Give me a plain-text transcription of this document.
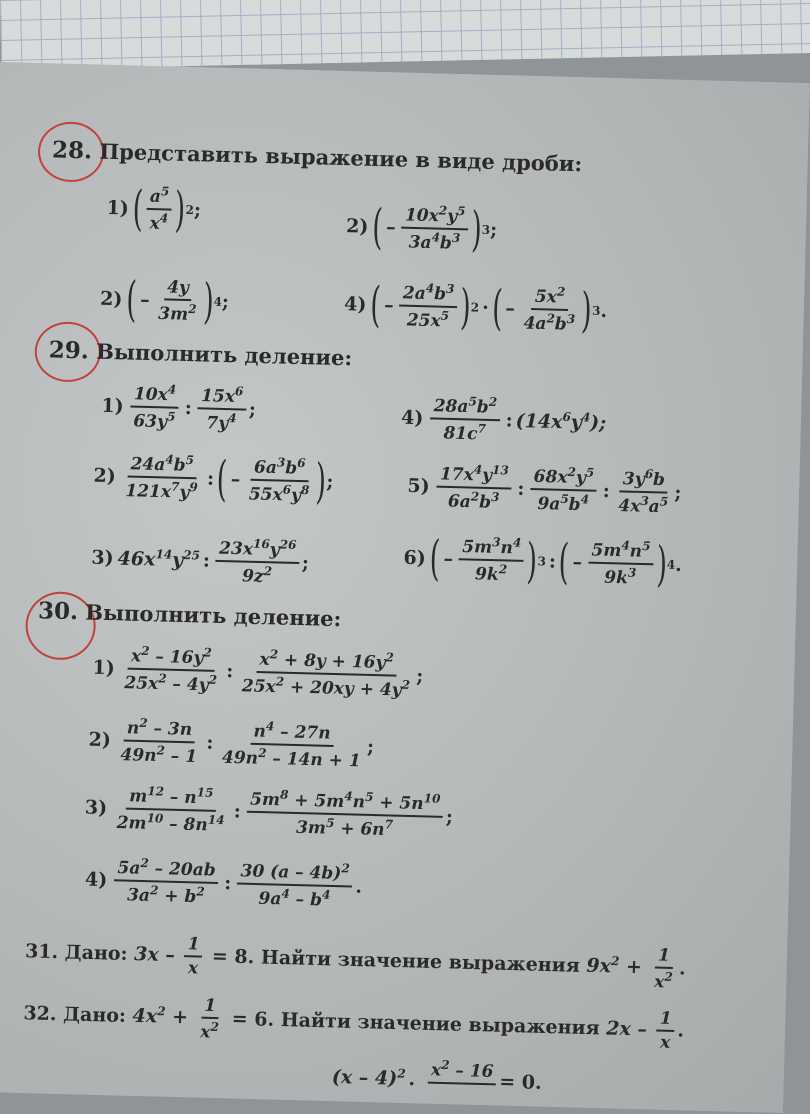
28. Представить выражение в виде дроби:
1) ( $\frac{a^5}{x^4}$ ) 2 ;
2) ( – $\frac{10x^2y^5}{3a^4b^3}$ ) 3 ;
2) ( – $\frac{4y}{3m^2}$ ) 4 ;	4) ( – $\frac{2a^4b^3}{25x^5}$ ) 2 · ( – $\frac{5x^2}{4a^2b^3}$ ) 3 .
29. Выполнить деление:
$1) \frac{10x^4}{63y^5}$ : $\frac{15x^6}{7y^4}$ ;	$4) \frac{28a^5b^2}{81c^7}$ : $(14x^6y^4)$;
$2) \frac{24a^4b^5}{121x^7y^9}$ : ( – $\frac{6a^3b^6}{55x^6y^8}$ ) ;	$5) \frac{17x^4y^{13}}{6a^2b^3}$ : $\frac{68x^2y^5}{9a^5b^4}$ : $\frac{3y^6b}{4x^3a^5}$ ;
3) $46x^{14}y^{25}$ : $\frac{23x^{16}y^{26}}{9z^2}$ ;	6) ( – $\frac{5m^3n^4}{9k^2}$ ) 3 : ( – $\frac{5m^4n^5}{9k^3}$ ) 4 .
30. Выполнить деление:
$1) \frac{x^2 - 16y^2}{25x^2 - 4y^2}$ : $\frac{x^2 + 8y + 16y^2}{25x^2 + 20xy + 4y^2}$ ;
$2) \frac{n^2 - 3n}{49n^2 - 1}$ : $\frac{n^4 - 27n}{49n^2 - 14n + 1}$ ;
$3) \frac{m^{12} - n^{15}}{2m^{10} - 8n^{14}}$ : $\frac{5m^8 + 5m^4n^5 + 5n^{10}}{3m^5 + 6n^7}$ ;
$4) \frac{5a^2 - 20ab}{3a^2 + b^2}$ : $\frac{30 (a - 4b)^2}{9a^4 - b^4}$ .
31. Дано: $3x - \frac{1}{x} = 8$. Найти значение выражения $9x^2 + \frac{1}{x^2}$ .
32. Дано: $4x^2 + \frac{1}{x^2} = 6$. Найти значение выражения $2x - \frac{1}{x}$ .
(x – 4)$^2$ . $x^2 - 16$
= 0.
